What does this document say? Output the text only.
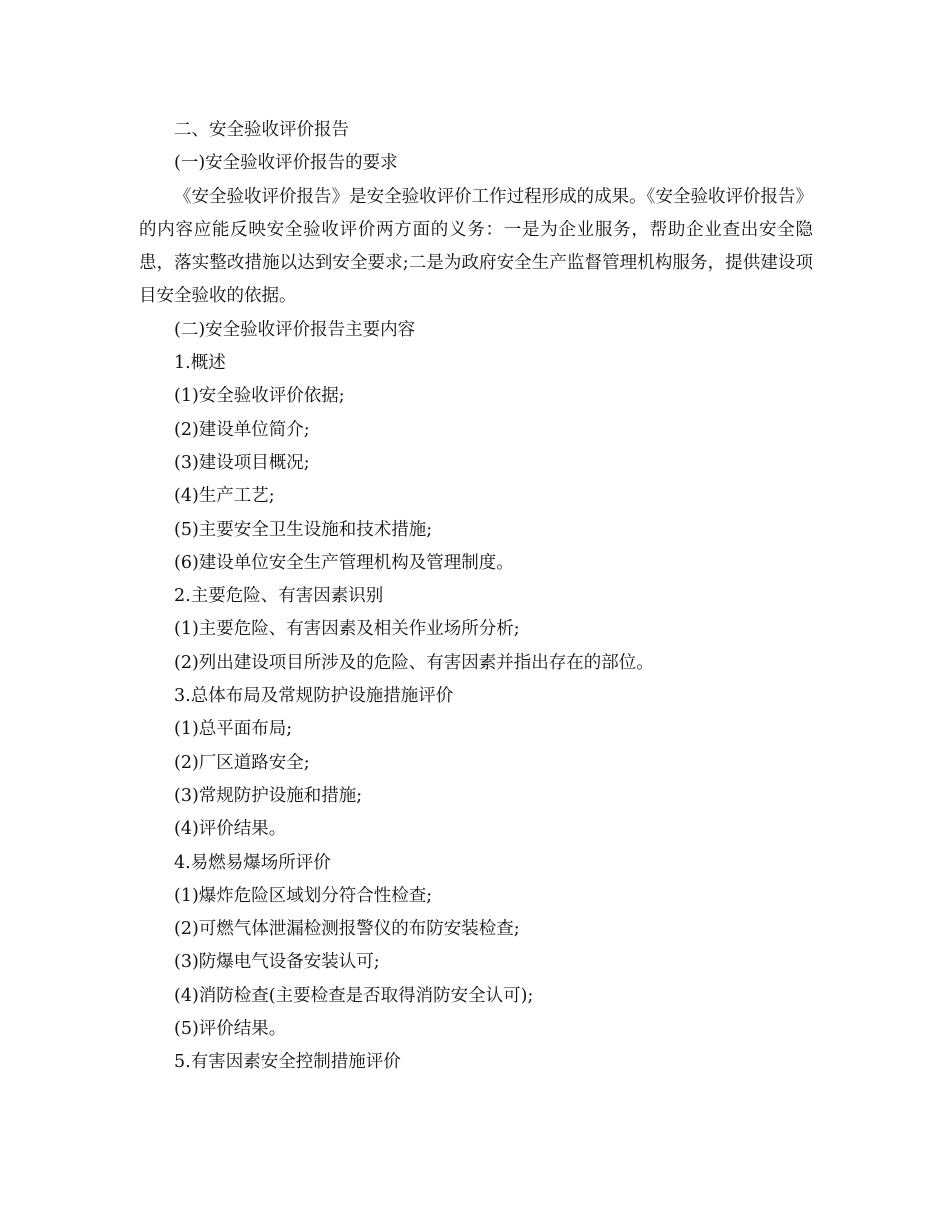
二、安全验收评价报告

(一)安全验收评价报告的要求

《安全验收评价报告》是安全验收评价工作过程形成的成果。《安全验收评价报告》的内容应能反映安全验收评价两方面的义务：一是为企业服务，帮助企业查出安全隐患，落实整改措施以达到安全要求;二是为政府安全生产监督管理机构服务，提供建设项目安全验收的依据。

(二)安全验收评价报告主要内容

1.概述

(1)安全验收评价依据;

(2)建设单位简介;

(3)建设项目概况;

(4)生产工艺;

(5)主要安全卫生设施和技术措施;

(6)建设单位安全生产管理机构及管理制度。

2.主要危险、有害因素识别

(1)主要危险、有害因素及相关作业场所分析;

(2)列出建设项目所涉及的危险、有害因素并指出存在的部位。

3.总体布局及常规防护设施措施评价

(1)总平面布局;

(2)厂区道路安全;

(3)常规防护设施和措施;

(4)评价结果。

4.易燃易爆场所评价

(1)爆炸危险区域划分符合性检查;

(2)可燃气体泄漏检测报警仪的布防安装检查;

(3)防爆电气设备安装认可;

(4)消防检查(主要检查是否取得消防安全认可);

(5)评价结果。

5.有害因素安全控制措施评价
